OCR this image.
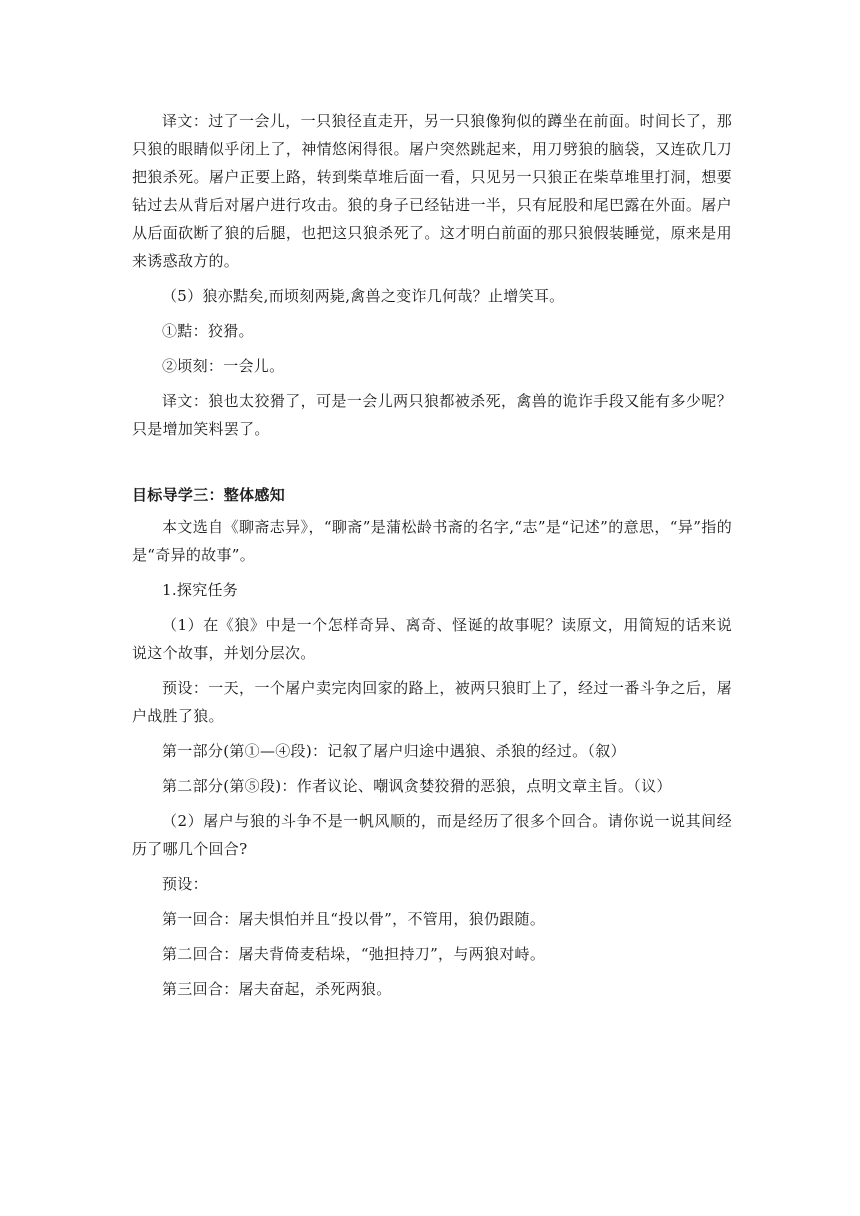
译文：过了一会儿，一只狼径直走开，另一只狼像狗似的蹲坐在前面。时间长了，那只狼的眼睛似乎闭上了，神情悠闲得很。屠户突然跳起来，用刀劈狼的脑袋，又连砍几刀把狼杀死。屠户正要上路，转到柴草堆后面一看，只见另一只狼正在柴草堆里打洞，想要钻过去从背后对屠户进行攻击。狼的身子已经钻进一半，只有屁股和尾巴露在外面。屠户从后面砍断了狼的后腿，也把这只狼杀死了。这才明白前面的那只狼假装睡觉，原来是用来诱惑敌方的。

（5）狼亦黠矣,而顷刻两毙,禽兽之变诈几何哉？止增笑耳。

①黠：狡猾。

②顷刻：一会儿。

译文：狼也太狡猾了，可是一会儿两只狼都被杀死，禽兽的诡诈手段又能有多少呢？只是增加笑料罢了。

目标导学三：整体感知

本文选自《聊斋志异》，“聊斋”是蒲松龄书斋的名字,“志”是“记述”的意思，“异”指的是“奇异的故事”。

1.探究任务

（1）在《狼》中是一个怎样奇异、离奇、怪诞的故事呢？读原文，用简短的话来说说这个故事，并划分层次。

预设：一天，一个屠户卖完肉回家的路上，被两只狼盯上了，经过一番斗争之后，屠户战胜了狼。

第一部分(第①—④段)：记叙了屠户归途中遇狼、杀狼的经过。（叙）

第二部分(第⑤段)：作者议论、嘲讽贪婪狡猾的恶狼，点明文章主旨。（议）

（2）屠户与狼的斗争不是一帆风顺的，而是经历了很多个回合。请你说一说其间经历了哪几个回合?

预设：

第一回合：屠夫惧怕并且“投以骨”，不管用，狼仍跟随。

第二回合：屠夫背倚麦秸垛，“弛担持刀”，与两狼对峙。

第三回合：屠夫奋起，杀死两狼。
